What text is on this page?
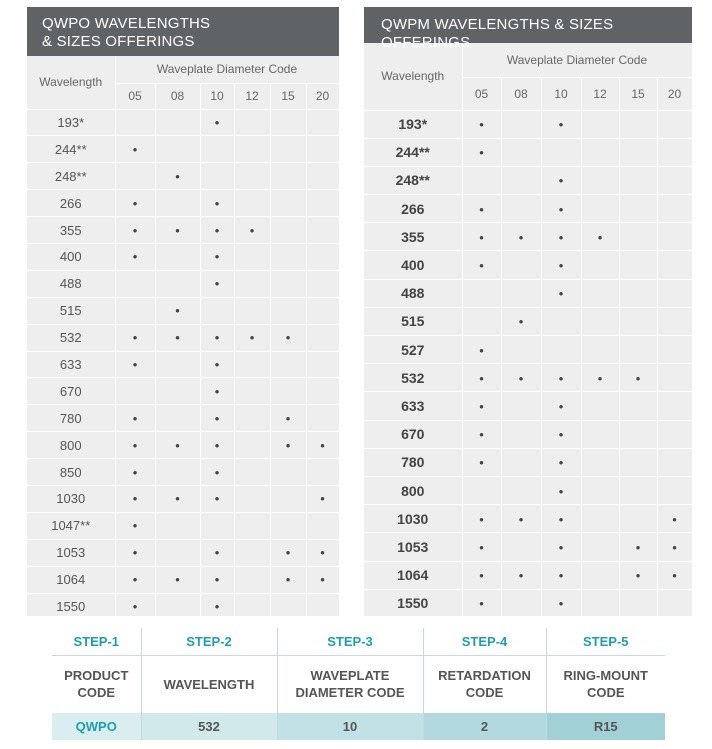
QWPO WAVELENGTHS
& SIZES OFFERINGS
Wavelength	Waveplate Diameter Code					
	05	08	10	12	15	20
193*			•			
244**	•					
248**		•				
266	•		•			
355	•	•	•	•		
400	•		•			
488			•			
515		•				
532	•	•	•	•	•	
633	•		•			
670			•			
780	•		•		•	
800	•	•	•		•	•
850	•		•			
1030	•	•	•			•
1047**	•					
1053	•		•		•	•
1064	•	•	•		•	•
1550	•		•			
QWPM WAVELENGTHS & SIZES OFFERINGS
Wavelength	Waveplate Diameter Code					
	05	08	10	12	15	20
193*	•		•			
244**	•					
248**			•			
266	•		•			
355	•	•	•	•		
400	•		•			
488			•			
515		•				
527	•					
532	•	•	•	•	•	
633	•		•			
670	•		•			
780	•		•			
800			•			
1030	•	•	•			•
1053	•		•		•	•
1064	•	•	•		•	•
1550	•		•			
STEP-1	STEP-2	STEP-3	STEP-4	STEP-5
PRODUCT CODE	WAVELENGTH	WAVEPLATE DIAMETER CODE	RETARDATION CODE	RING-MOUNT CODE
QWPO	532	10	2	R15
